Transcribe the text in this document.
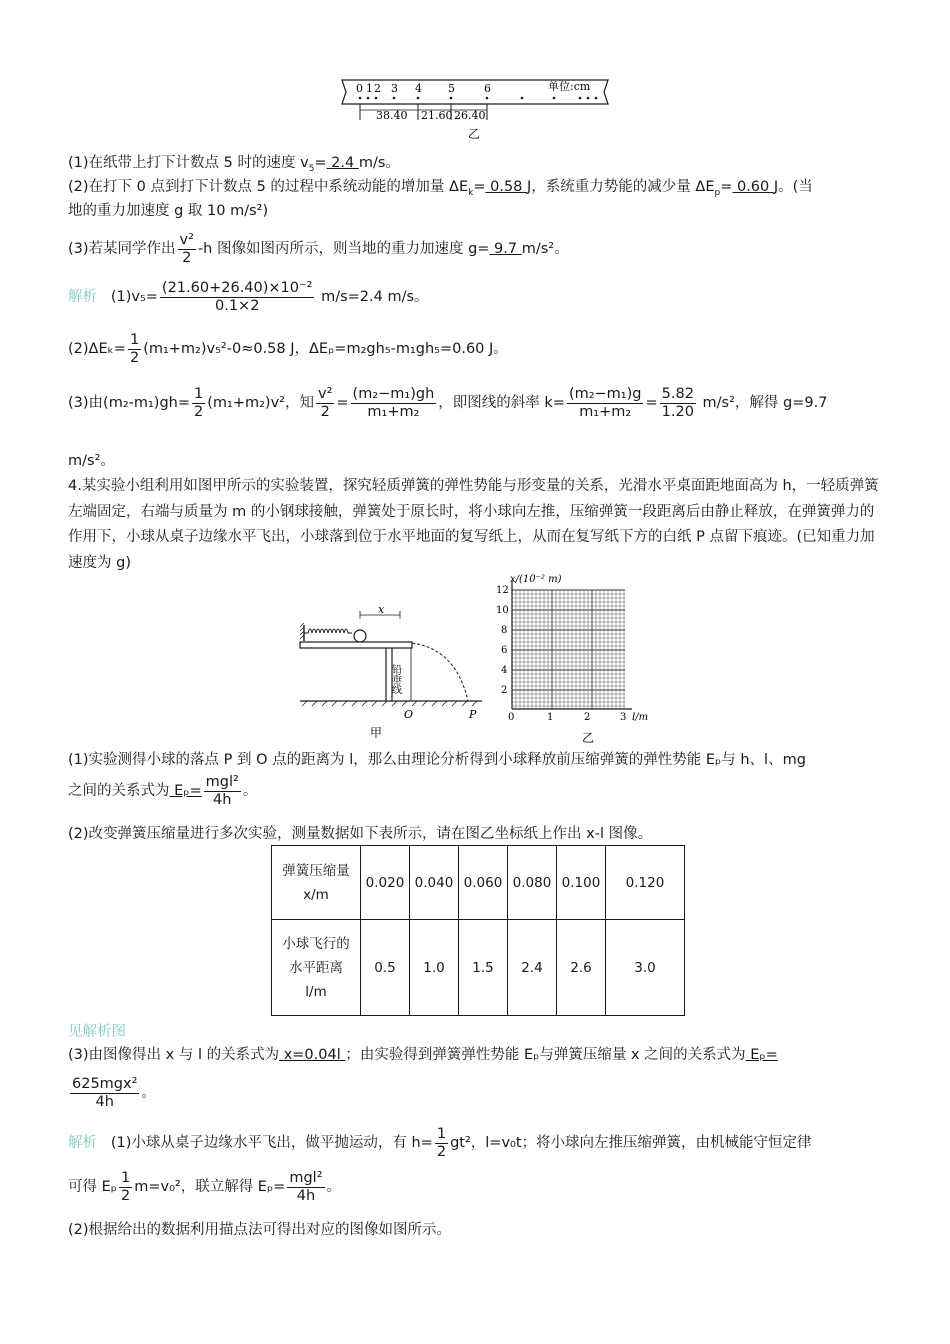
0 1 2 3 4 5	6	单位:cm
38.40 21.60 26.40
乙
(1)在纸带上打下计数点 5 时的速度 $v_5= 2.4$ m/s。
(2)在打下 0 点到打下计数点 5 的过程中系统动能的增加量 $\Delta E_k= 0.58$ J，系统重力势能的减少量 $\Delta E_p= 0.60$ J。(当
地的重力加速度 g 取 10 m/s²)
(3)若某同学作出 $\frac{\text{v²}}{2} -h$ 图像如图丙所示，则当地的重力加速度 g= 9.7 m/s²。
解析 $(1)v_5= \frac{\text{(21.60+26.40)×10⁻²}}{0.1\times 2} m/s=2.4$ m/s。
$(2)\Delta E_k= \frac{1}{2} (m_1+m_2)v_5^2-0\approx 0.58$ J，ΔEₚ=m₂gh₅-m₁gh₅=0.60 J。
(3)由$(m_2-m_1)gh= \frac{1}{2} (m_1+m_2)v^2$，知 $\frac{\text{v²}}{2} = \frac{\text{(m₂−m₁)gh}}{\text{m₁+m₂}}$ ，即图线的斜率 $k= \frac{\text{(m₂−m₁)g}}{\text{m₁+m₂}} = \frac{5.82}{1.20} m/s^2$，解得 g=9.7
m/s²。
4.某实验小组利用如图甲所示的实验装置，探究轻质弹簧的弹性势能与形变量的关系，光滑水平桌面距地面高为 h，一轻质弹簧左端固定，右端与质量为 m 的小钢球接触，弹簧处于原长时，将小球向左推，压缩弹簧一段距离后由静止释放，在弹簧弹力的作用下，小球从桌子边缘水平飞出，小球落到位于水平地面的复写纸上，从而在复写纸下方的白纸 P 点留下痕迹。(已知重力加速度为 g)
x
铅垂线
O	P
甲
x/(10⁻² m)
12
10
8
6
4
2
0	1	2	3 l/m
乙
(1)实验测得小球的落点 P 到 O 点的距离为 l，那么由理论分析得到小球释放前压缩弹簧的弹性势能 Eₚ与 h、l、mg
之间的关系式为 $E_p= \frac{\text{mgl²}}{4h}$ 。
(2)改变弹簧压缩量进行多次实验，测量数据如下表所示，请在图乙坐标纸上作出 x-l 图像。
弹簧压缩量
x/m	0.020	0.040	0.060	0.080	0.100	0.120

小球飞行的
水平距离
l/m	0.5	1.0	1.5	2.4	2.6	3.0
见解析图
(3)由图像得出 x 与 l 的关系式为 x=0.04l ；由实验得到弹簧弹性势能 Eₚ与弹簧压缩量 x 之间的关系式为 Eₚ=
$\frac{\text{625mgx²}}{4h}$ 。
解析 (1)小球从桌子边缘水平飞出，做平抛运动，有 $h= \frac{1}{2} gt^2$，l=v₀t；将小球向左推压缩弹簧，由机械能守恒定律
可得 Eₚ $\frac{1}{2} m=v_0^2$，联立解得 $E_p= \frac{\text{mgl²}}{4h}$ 。
(2)根据给出的数据利用描点法可得出对应的图像如图所示。
